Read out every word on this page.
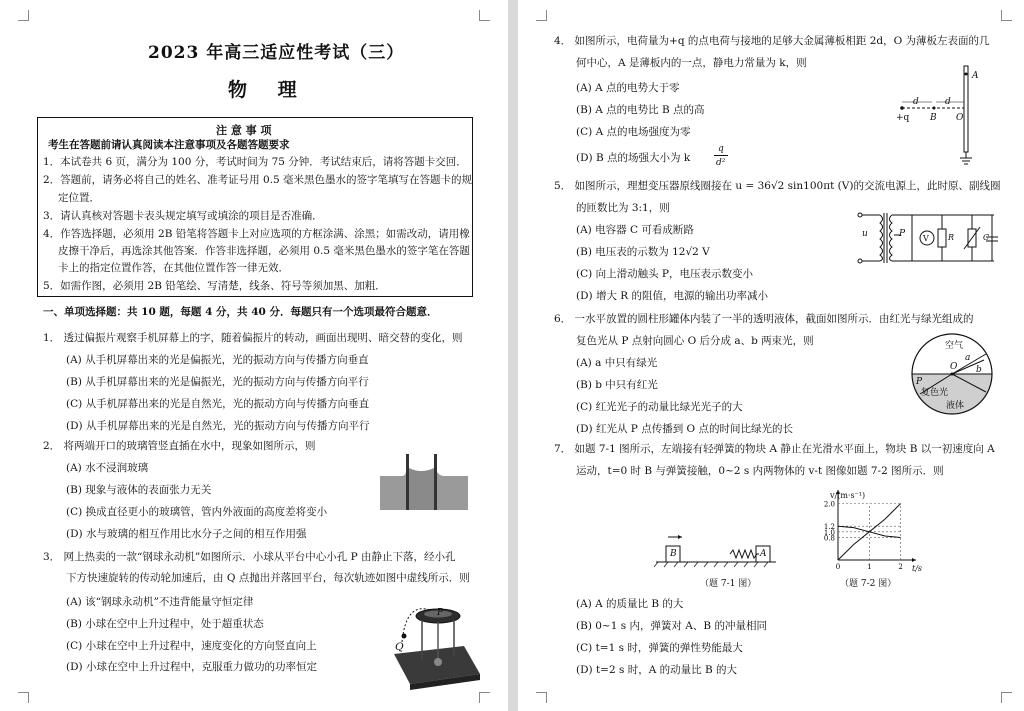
2023 年高三适应性考试（三）
物 理
注 意 事 项
考生在答题前请认真阅读本注意事项及各题答题要求
1．本试卷共 6 页，满分为 100 分，考试时间为 75 分钟．考试结束后，请将答题卡交回．
2．答题前，请务必将自己的姓名、准考证号用 0.5 毫米黑色墨水的签字笔填写在答题卡的规
定位置．
3．请认真核对答题卡表头规定填写或填涂的项目是否准确．
4．作答选择题，必须用 2B 铅笔将答题卡上对应选项的方框涂满、涂黑；如需改动，请用橡
皮擦干净后，再选涂其他答案．作答非选择题，必须用 0.5 毫米黑色墨水的签字笔在答题
卡上的指定位置作答，在其他位置作答一律无效．
5．如需作图，必须用 2B 铅笔绘、写清楚，线条、符号等须加黑、加粗．
一、单项选择题：共 10 题，每题 4 分，共 40 分．每题只有一个选项最符合题意．
1． 透过偏振片观察手机屏幕上的字，随着偏振片的转动，画面出现明、暗交替的变化，则
(A) 从手机屏幕出来的光是偏振光，光的振动方向与传播方向垂直
(B) 从手机屏幕出来的光是偏振光，光的振动方向与传播方向平行
(C) 从手机屏幕出来的光是自然光，光的振动方向与传播方向垂直
(D) 从手机屏幕出来的光是自然光，光的振动方向与传播方向平行
2． 将两端开口的玻璃管竖直插在水中，现象如图所示，则
(A) 水不浸润玻璃
(B) 现象与液体的表面张力无关
(C) 换成直径更小的玻璃管，管内外液面的高度差将变小
(D) 水与玻璃的相互作用比水分子之间的相互作用强
3． 网上热卖的一款“钢球永动机”如图所示．小球从平台中心小孔 P 由静止下落，经小孔
下方快速旋转的传动轮加速后，由 Q 点抛出并落回平台，每次轨迹如图中虚线所示．则
(A) 该“钢球永动机”不违背能量守恒定律
(B) 小球在空中上升过程中，处于超重状态
(C) 小球在空中上升过程中，速度变化的方向竖直向上
(D) 小球在空中上升过程中，克服重力做功的功率恒定
Q
P
4． 如图所示，电荷量为+q 的点电荷与接地的足够大金属薄板相距 2d，O 为薄板左表面的几
何中心，A 是薄板内的一点，静电力常量为 k，则
(A) A 点的电势大于零
(B) A 点的电势比 B 点的高
(C) A 点的电场强度为零
(D) B 点的场强大小为 k
q
d²
d	d
+q B O
A
5． 如图所示，理想变压器原线圈接在 u = 36√2 sin100πt (V)的交流电源上，此时原、副线圈
的匝数比为 3:1，则
(A) 电容器 C 可看成断路
(B) 电压表的示数为 12√2 V
(C) 向上滑动触头 P，电压表示数变小
(D) 增大 R 的阻值，电源的输出功率减小
u	P V R	C
6． 一水平放置的圆柱形罐体内装了一半的透明液体，截面如图所示．由红光与绿光组成的
复色光从 P 点射向圆心 O 后分成 a、b 两束光，则
(A) a 中只有绿光
(B) b 中只有红光
(C) 红光光子的动量比绿光光子的大
(D) 红光从 P 点传播到 O 点的时间比绿光的长
空气
a
b
O
P
复色光
液体
7． 如题 7-1 图所示，左端接有轻弹簧的物块 A 静止在光滑水平面上，物块 B 以一初速度向 A
运动，t=0 时 B 与弹簧接触，0~2 s 内两物体的 v-t 图像如题 7-2 图所示．则
B	A
（题 7-1 图）
0.8
1.0
1.2
2.0
0	1	2
v/(m·s⁻¹)
t/s
（题 7-2 图）
(A) A 的质量比 B 的大
(B) 0~1 s 内，弹簧对 A、B 的冲量相同
(C) t=1 s 时，弹簧的弹性势能最大
(D) t=2 s 时，A 的动量比 B 的大
